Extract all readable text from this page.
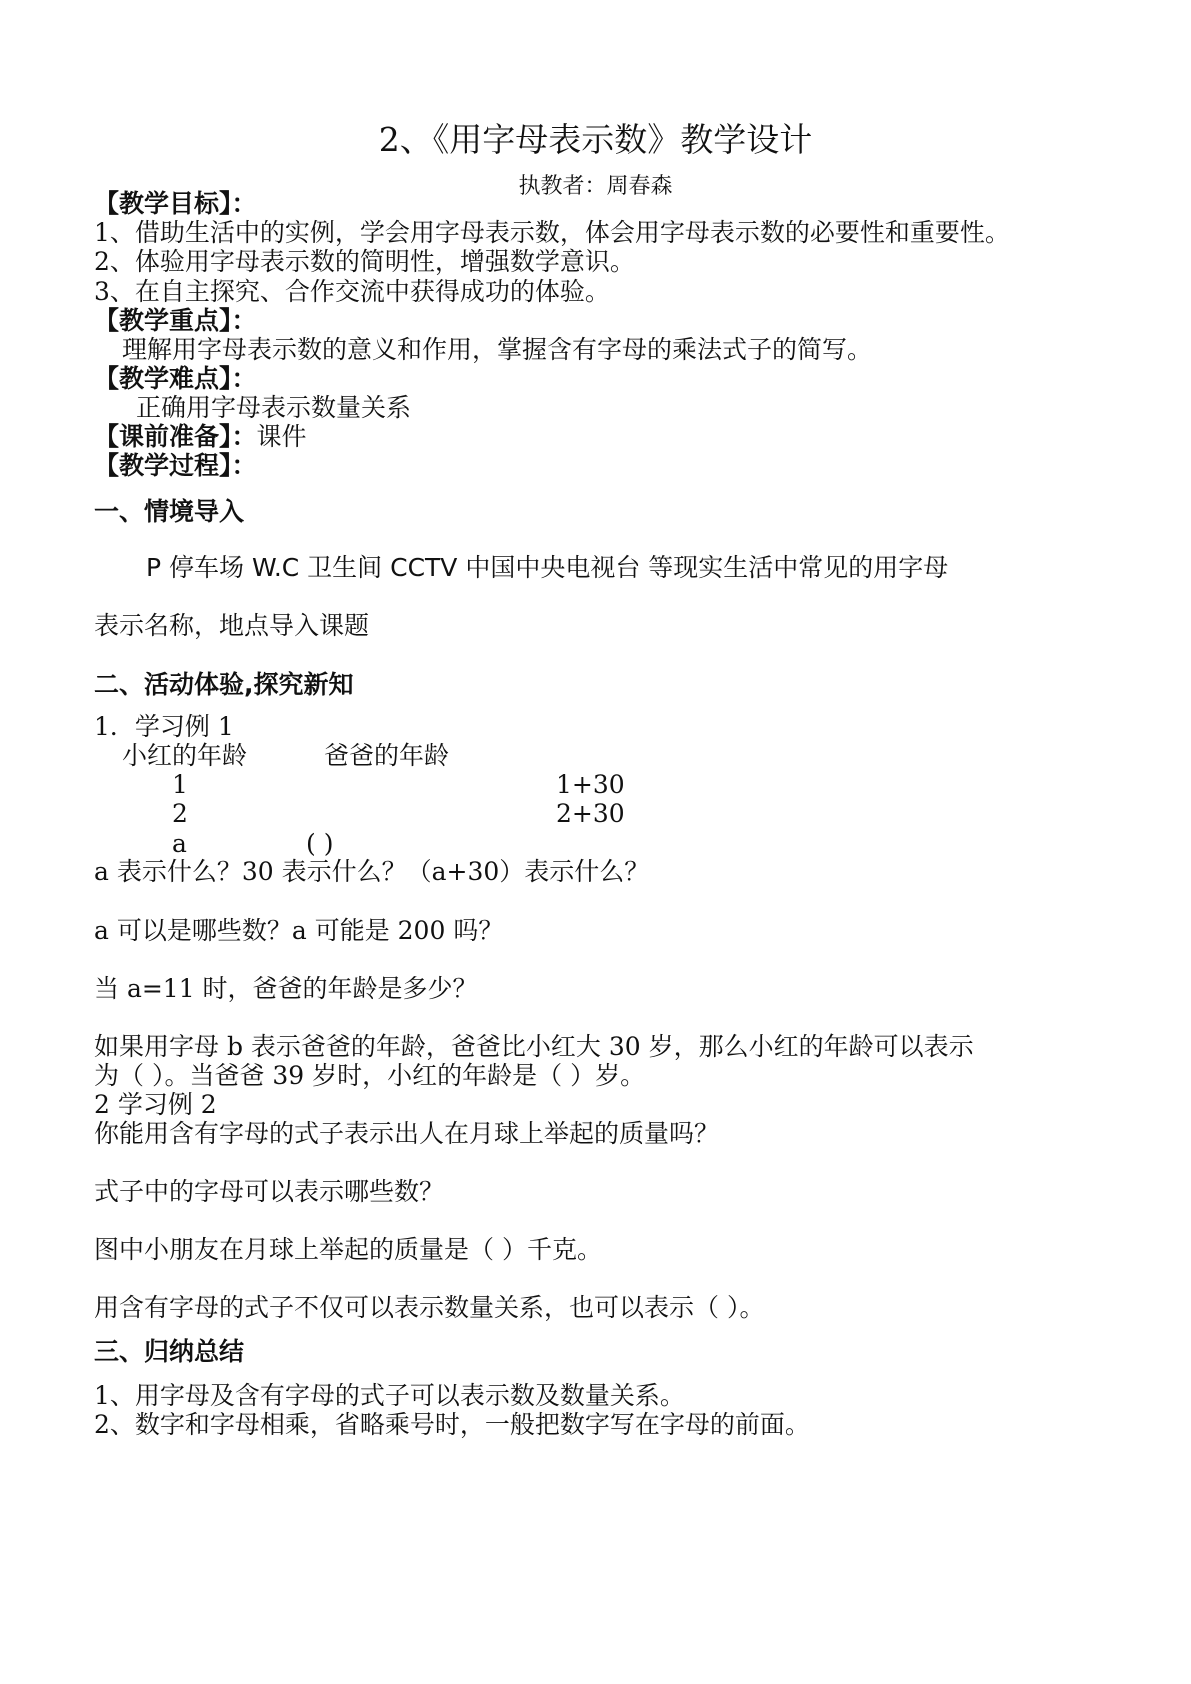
2、《用字母表示数》教学设计
执教者：周春森
【教学目标】：
1、借助生活中的实例，学会用字母表示数，体会用字母表示数的必要性和重要性。
2、体验用字母表示数的简明性，增强数学意识。
3、在自主探究、合作交流中获得成功的体验。
【教学重点】：
理解用字母表示数的意义和作用，掌握含有字母的乘法式子的简写。
【教学难点】：
正确用字母表示数量关系
【课前准备】：课件
【教学过程】：
一、情境导入
P 停车场 W.C 卫生间 CCTV 中国中央电视台 等现实生活中常见的用字母
表示名称，地点导入课题
二、活动体验,探究新知
1．学习例 1
小红的年龄	爸爸的年龄
1	1+30
2	2+30
a	( )
a 表示什么？30 表示什么？（a+30）表示什么？
a 可以是哪些数？a 可能是 200 吗？
当 a=11 时，爸爸的年龄是多少？
如果用字母 b 表示爸爸的年龄，爸爸比小红大 30 岁，那么小红的年龄可以表示
为（ ）。当爸爸 39 岁时，小红的年龄是（ ）岁。
2 学习例 2
你能用含有字母的式子表示出人在月球上举起的质量吗？
式子中的字母可以表示哪些数？
图中小朋友在月球上举起的质量是（ ）千克。
用含有字母的式子不仅可以表示数量关系，也可以表示（ ）。
三、归纳总结
1、用字母及含有字母的式子可以表示数及数量关系。
2、数字和字母相乘，省略乘号时，一般把数字写在字母的前面。
